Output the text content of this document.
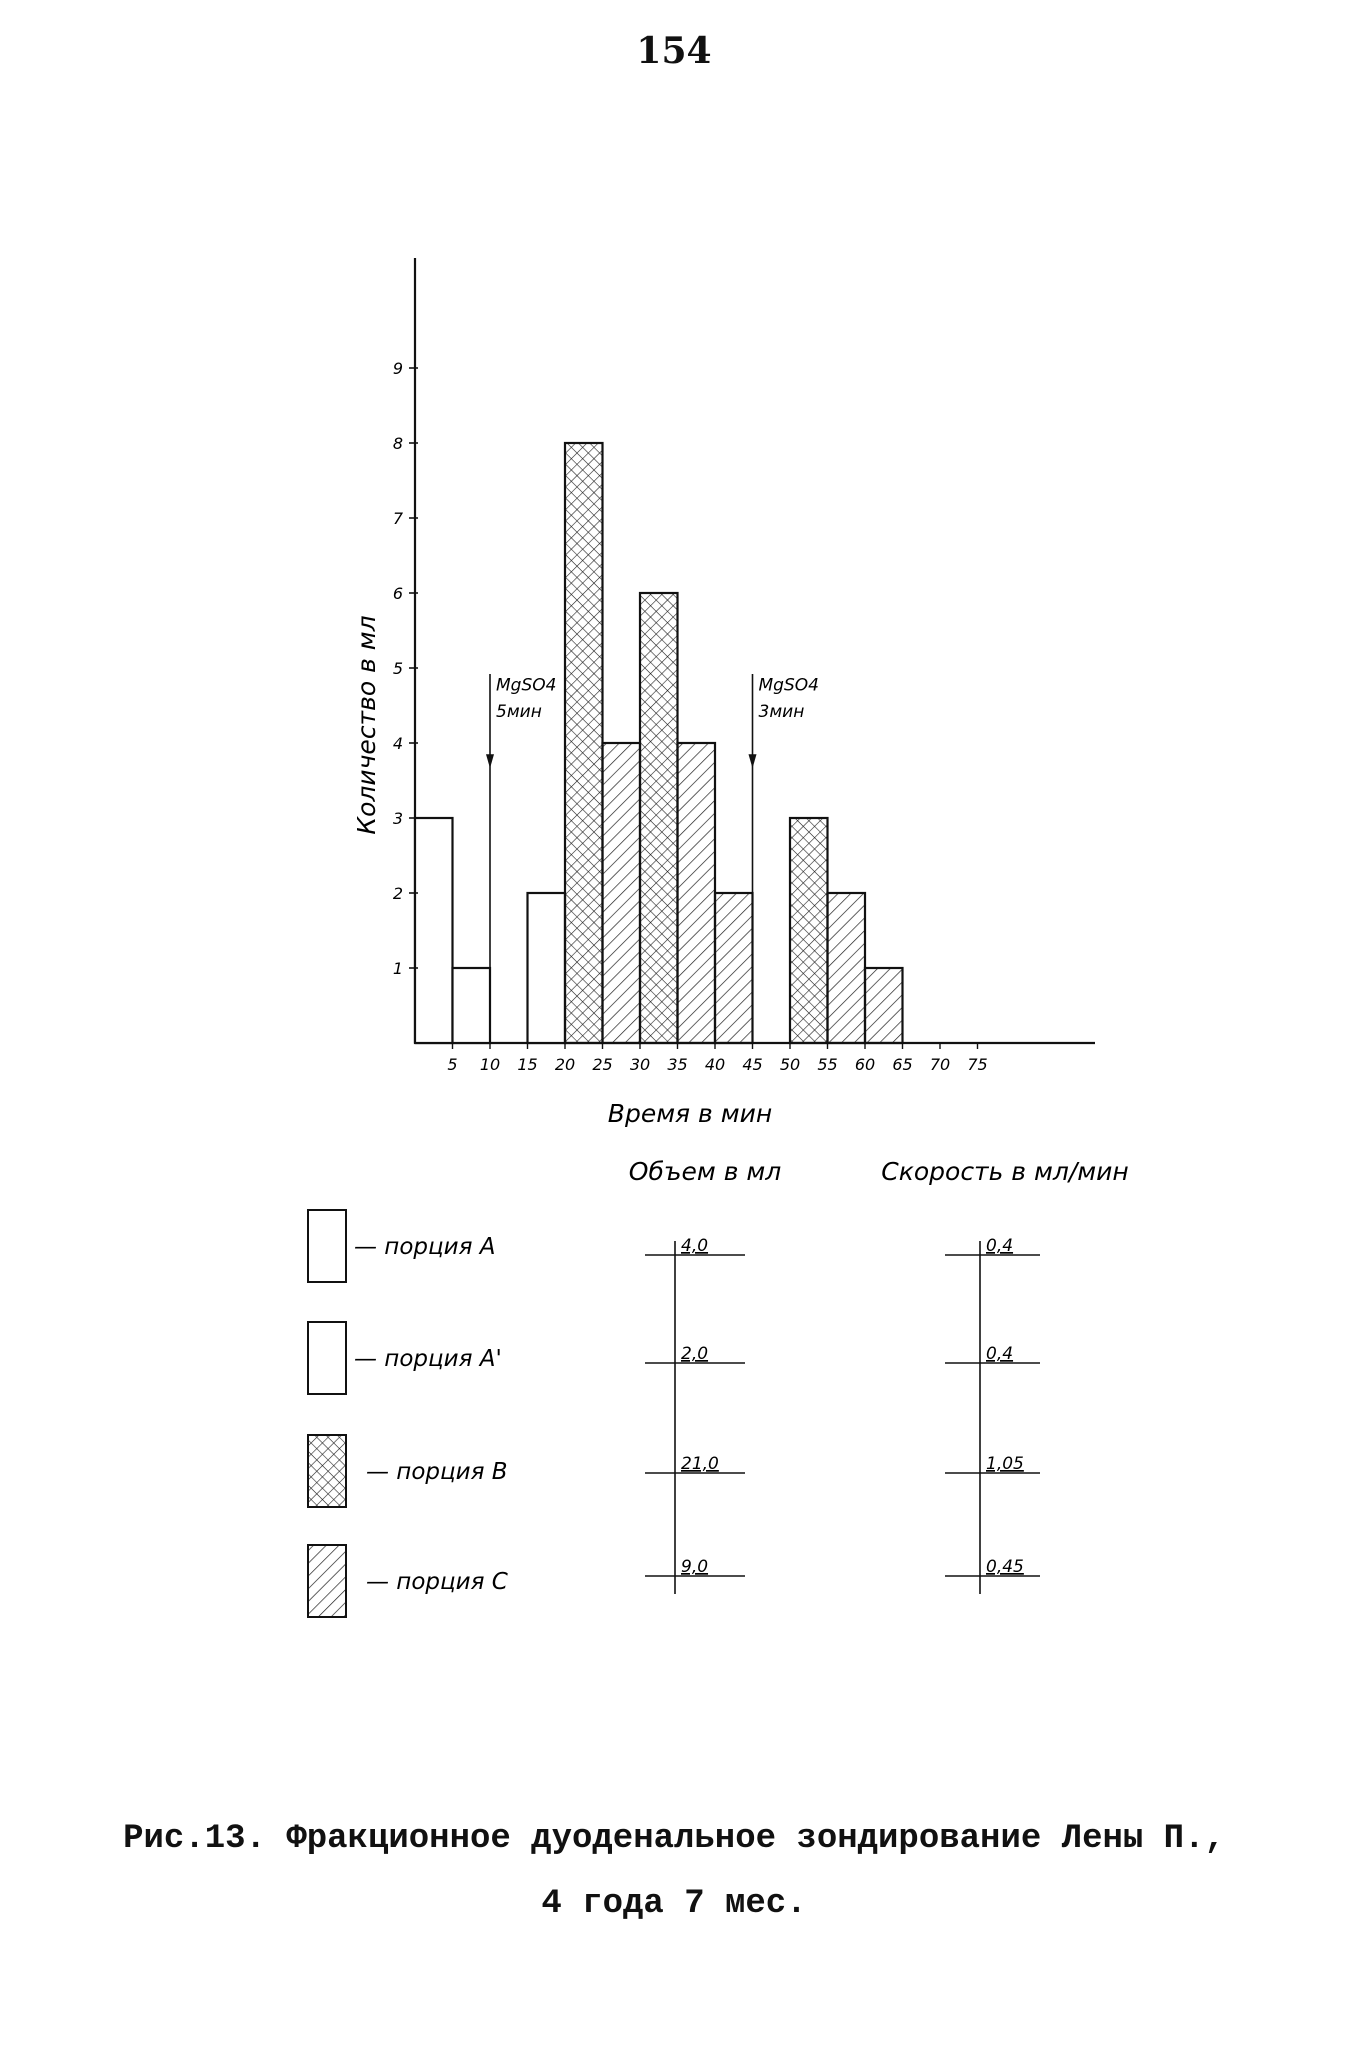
154
1
2
3
4
5
6
7
8
9
5 10 15 20 25 30 35 40 45 50 55 60 65 70 75
MgSO4
5мин
MgSO4
3мин
Время в мин
Количество в мл
— порция A
— порция A'
— порция B
— порция C
Объем в мл	Скорость в мл/мин
4,0
2,0
21,0
9,0
0,4
0,4
1,05
0,45
Рис.13. Фракционное дуоденальное зондирование Лены П.,
4 года 7 мес.
